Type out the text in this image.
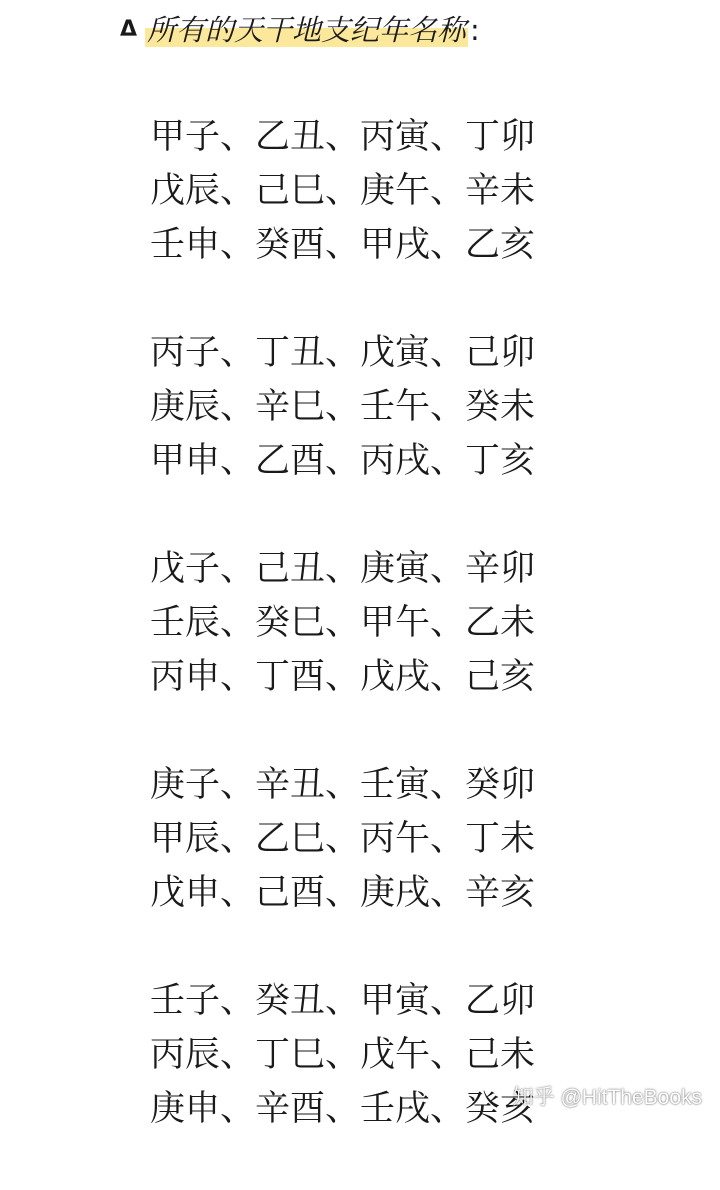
Δ 所有的天干地支纪年名称 :
甲子、乙丑、丙寅、丁卯
戊辰、己巳、庚午、辛未
壬申、癸酉、甲戌、乙亥
丙子、丁丑、戊寅、己卯
庚辰、辛巳、壬午、癸未
甲申、乙酉、丙戌、丁亥
戊子、己丑、庚寅、辛卯
壬辰、癸巳、甲午、乙未
丙申、丁酉、戊戌、己亥
庚子、辛丑、壬寅、癸卯
甲辰、乙巳、丙午、丁未
戊申、己酉、庚戌、辛亥
壬子、癸丑、甲寅、乙卯
丙辰、丁巳、戊午、己未
庚申、辛酉、壬戌、癸亥
知乎 @HitTheBooks
